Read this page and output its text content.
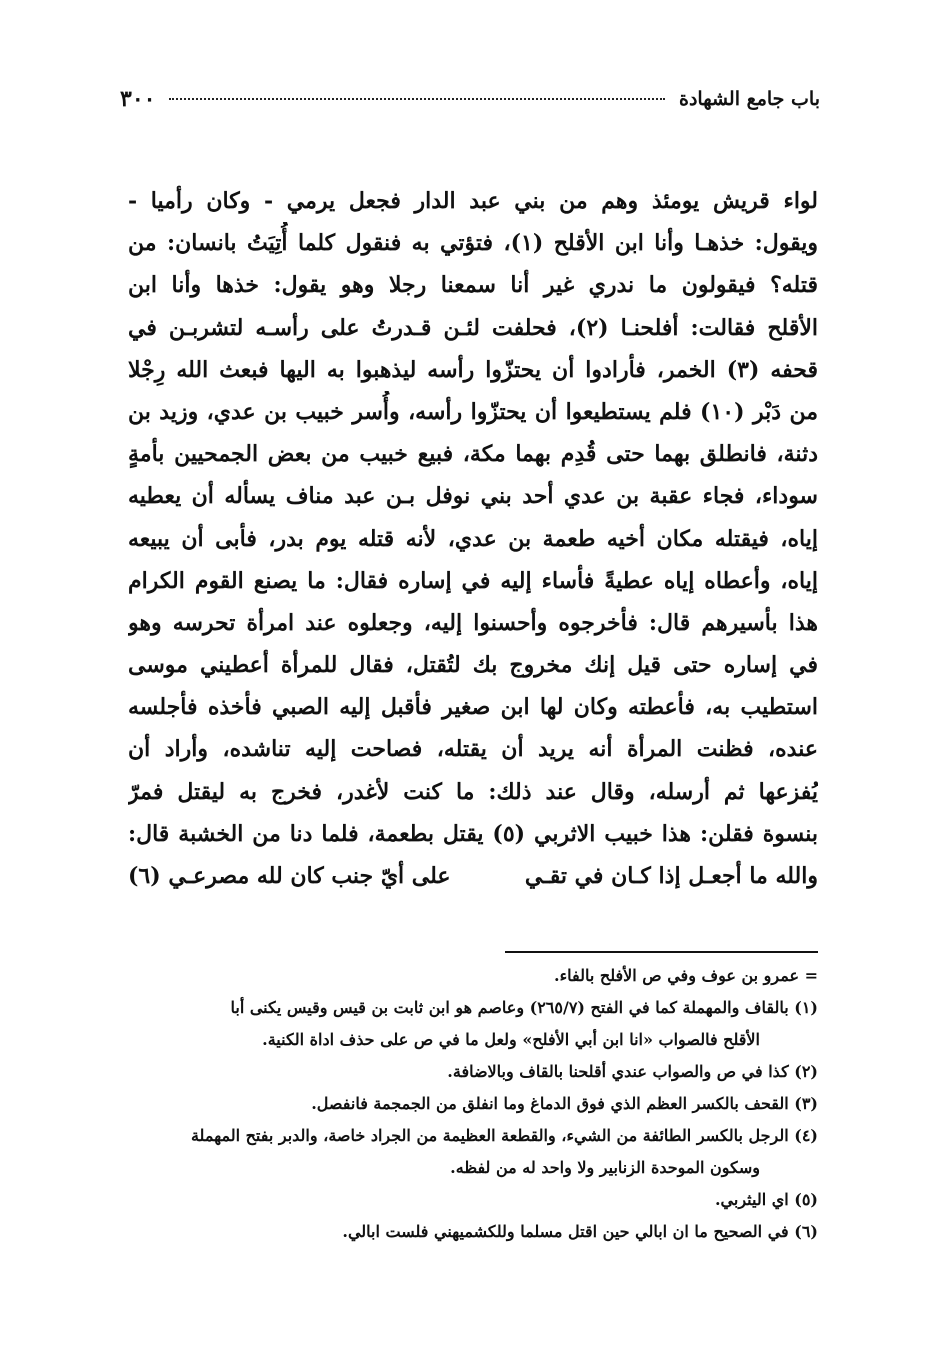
٣٠٠	باب جامع الشهادة
لواء قريش يومئذ وهم من بني عبد الدار فجعل يرمي - وكان رأميا -
ويقول: خذهـا وأنا ابن الأقلح (١)، فتؤتي به فنقول كلما أُتِيَتُ بانسان: من
قتله؟ فيقولون ما ندري غير أنا سمعنا رجلا وهو يقول: خذها وأنا ابن
الأقلح فقالت: أفلحنـا (٢)، فحلفت لئـن قـدرتُ على رأسـه لتشربـن في
قحفه (٣) الخمر، فأرادوا أن يحتزّوا رأسه ليذهبوا به اليها فبعث الله رِجْلا
من دَبْر (١٠) فلم يستطيعوا أن يحتزّوا رأسه، وأُسر خبيب بن عدي، وزيد بن
دثنة، فانطلق بهما حتى قُدِم بهما مكة، فبيع خبيب من بعض الجمحيين بأمةٍ
سوداء، فجاء عقبة بن عدي أحد بني نوفل بـن عبد مناف يسأله أن يعطيه
إياه، فيقتله مكان أخيه طعمة بن عدي، لأنه قتله يوم بدر، فأبى أن يبيعه
إياه، وأعطاه إياه عطيةً فأساء إليه في إساره فقال: ما يصنع القوم الكرام
هذا بأسيرهم قال: فأخرجوه وأحسنوا إليه، وجعلوه عند امرأة تحرسه وهو
في إساره حتى قيل إنك مخروج بك لتُقتل، فقال للمرأة أعطيني موسى
استطيب به، فأعطته وكان لها ابن صغير فأقبل إليه الصبي فأخذه فأجلسه
عنده، فظنت المرأة أنه يريد أن يقتله، فصاحت إليه تناشده، وأراد أن
يُفزعها ثم أرسله، وقال عند ذلك: ما كنت لأغدر، فخرج به ليقتل فمرّ
بنسوة فقلن: هذا خبيب الاثربي (٥) يقتل بطعمة، فلما دنا من الخشبة قال:
والله ما أجعـل إذا كـان في تقـي
على أيّ جنب كان لله مصرعـي (٦)
= عمرو بن عوف وفي ص الأفلح بالفاء.
(١) بالقاف والمهملة كما في الفتح (٢٦٥/٧) وعاصم هو ابن ثابت بن قيس وقيس يكنى أبا
الأقلح فالصواب «انا ابن أبي الأفلح» ولعل ما في ص على حذف اداة الكنية.
(٢) كذا في ص والصواب عندي أقلحنا بالقاف وبالاضافة.
(٣) القحف بالكسر العظم الذي فوق الدماغ وما انفلق من الجمجمة فانفصل.
(٤) الرجل بالكسر الطائفة من الشيء، والقطعة العظيمة من الجراد خاصة، والدبر بفتح المهملة
وسكون الموحدة الزنابير ولا واحد له من لفظه.
(٥) اي اليثربي.
(٦) في الصحيح ما ان ابالي حين اقتل مسلما وللكشميهني فلست ابالي.
